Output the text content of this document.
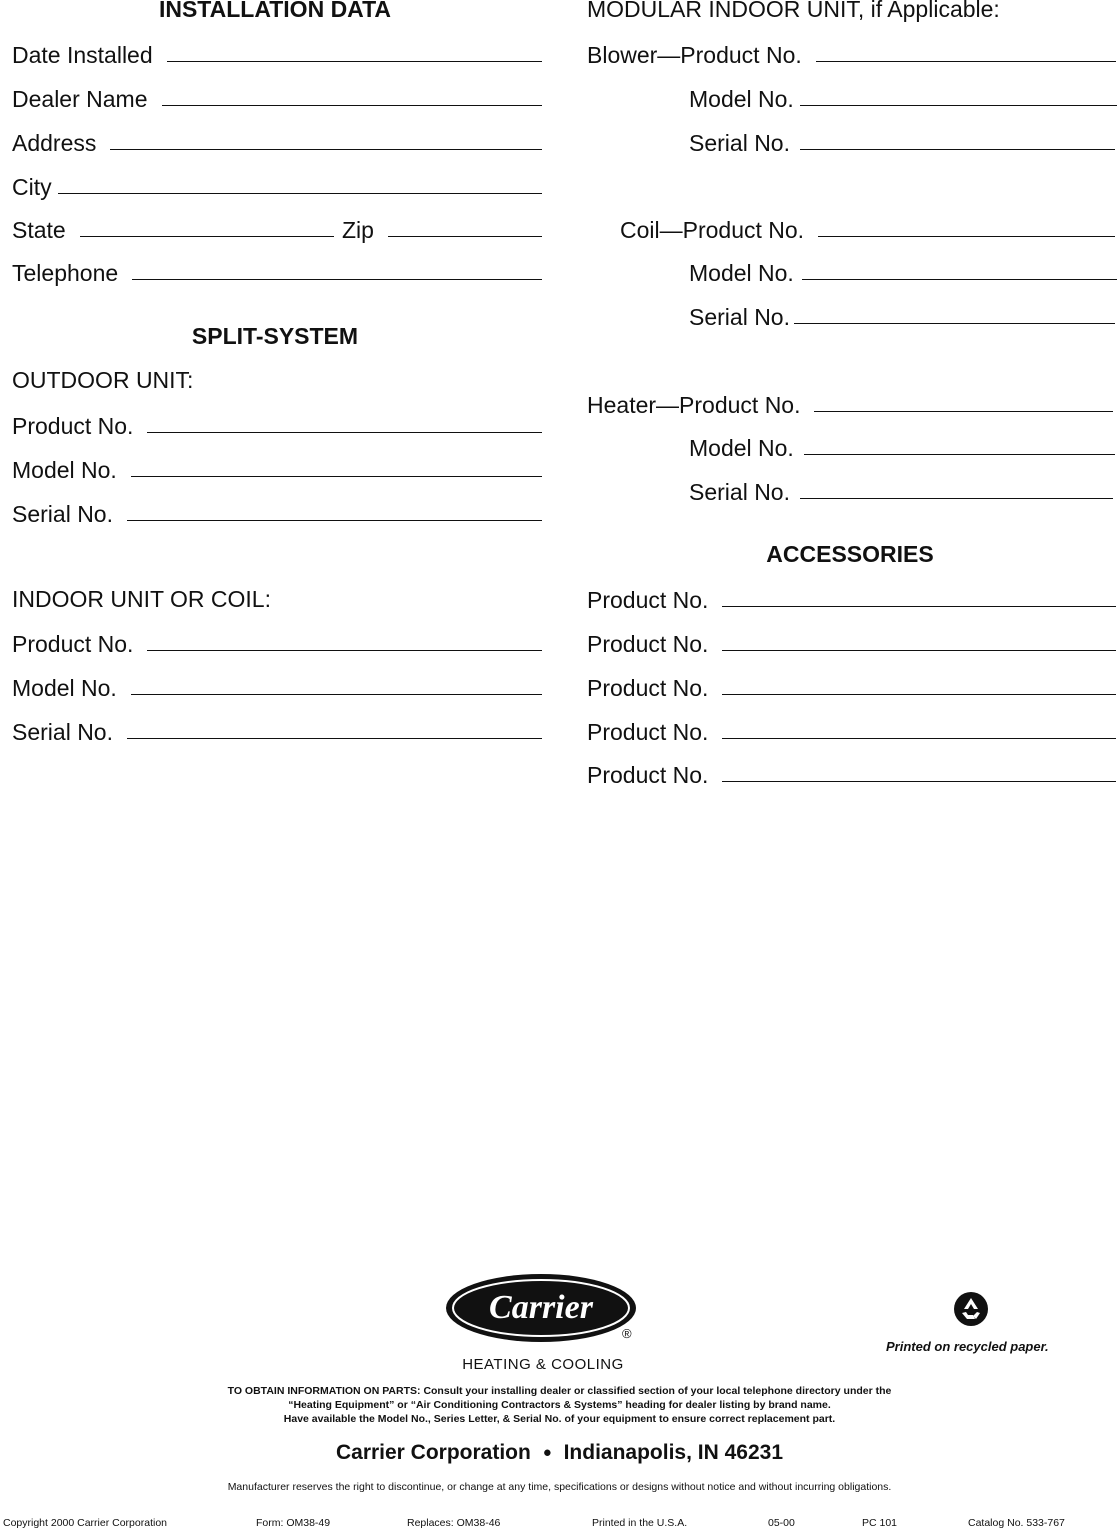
INSTALLATION DATA
Date Installed
Dealer Name
Address
City
State	Zip
Telephone
SPLIT-SYSTEM
OUTDOOR UNIT:
Product No.
Model No.
Serial No.
INDOOR UNIT OR COIL:
Product No.
Model No.
Serial No.
MODULAR INDOOR UNIT, if Applicable:
Blower—Product No.
Model No.
Serial No.
Coil—Product No.
Model No.
Serial No.
Heater—Product No.
Model No.
Serial No.
ACCESSORIES
Product No.
Product No.
Product No.
Product No.
Product No.
Carrier
®
HEATING & COOLING
Printed on recycled paper.
TO OBTAIN INFORMATION ON PARTS: Consult your installing dealer or classified section of your local telephone directory under the
“Heating Equipment” or “Air Conditioning Contractors & Systems” heading for dealer listing by brand name.
Have available the Model No., Series Letter, & Serial No. of your equipment to ensure correct replacement part.
Carrier Corporation ● Indianapolis, IN 46231
Manufacturer reserves the right to discontinue, or change at any time, specifications or designs without notice and without incurring obligations.
Copyright 2000 Carrier Corporation	Form: OM38-49	Replaces: OM38-46	Printed in the U.S.A.	05-00	PC 101	Catalog No. 533-767
